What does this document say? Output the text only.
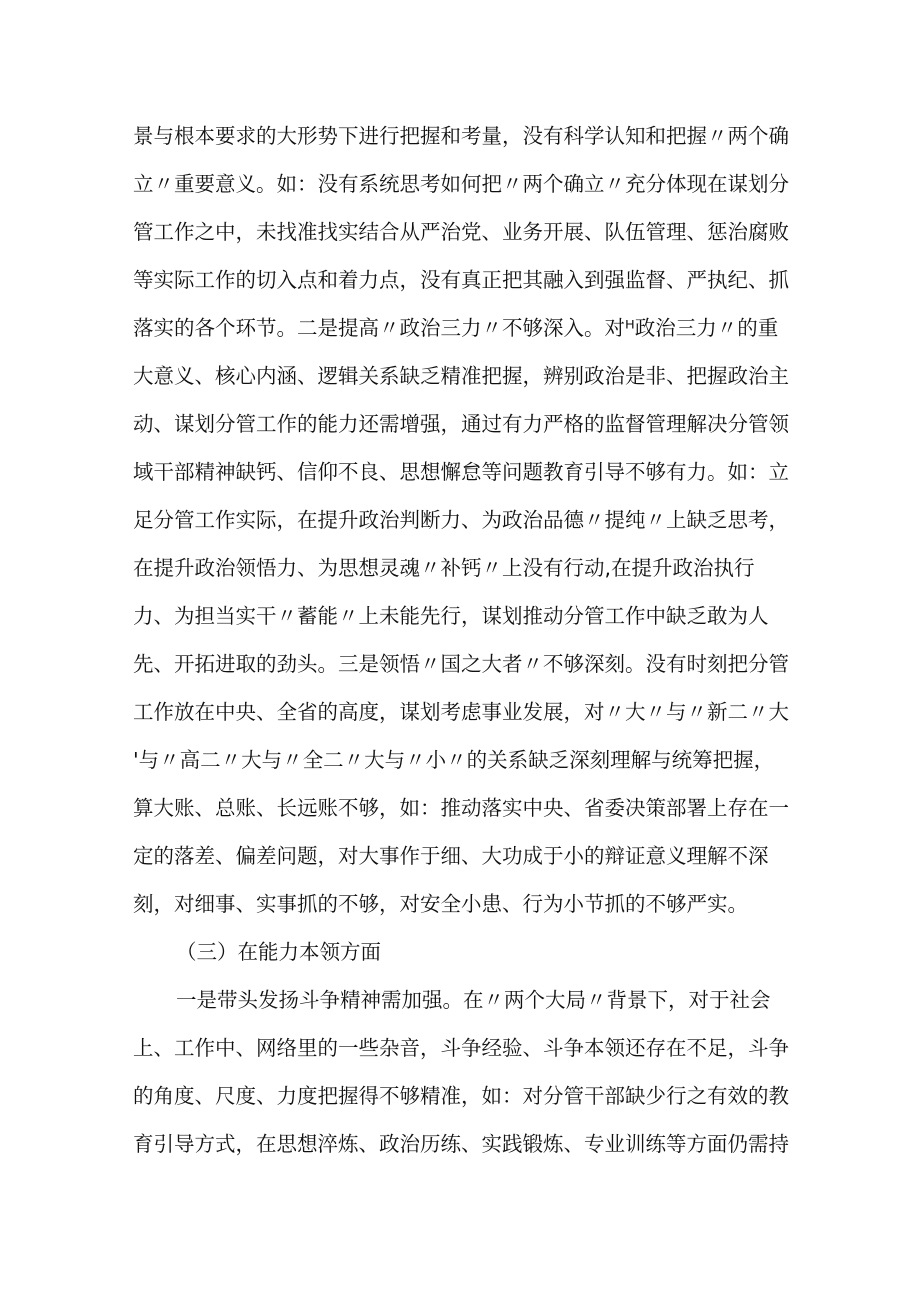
景与根本要求的大形势下进行把握和考量，没有科学认知和把握〃两个确
立〃重要意义。如：没有系统思考如何把〃两个确立〃充分体现在谋划分
管工作之中，未找准找实结合从严治党、业务开展、队伍管理、惩治腐败
等实际工作的切入点和着力点，没有真正把其融入到强监督、严执纪、抓
落实的各个环节。二是提高〃政治三力〃不够深入。对ᴴ政治三力〃的重
大意义、核心内涵、逻辑关系缺乏精准把握，辨别政治是非、把握政治主
动、谋划分管工作的能力还需增强，通过有力严格的监督管理解决分管领
域干部精神缺钙、信仰不良、思想懈怠等问题教育引导不够有力。如：立
足分管工作实际，在提升政治判断力、为政治品德〃提纯〃上缺乏思考，
在提升政治领悟力、为思想灵魂〃补钙〃上没有行动,在提升政治执行
力、为担当实干〃蓄能〃上未能先行，谋划推动分管工作中缺乏敢为人
先、开拓进取的劲头。三是领悟〃国之大者〃不够深刻。没有时刻把分管
工作放在中央、全省的高度，谋划考虑事业发展，对〃大〃与〃新二〃大
'与〃高二〃大与〃全二〃大与〃小〃的关系缺乏深刻理解与统筹把握，
算大账、总账、长远账不够，如：推动落实中央、省委决策部署上存在一
定的落差、偏差问题，对大事作于细、大功成于小的辩证意义理解不深
刻，对细事、实事抓的不够，对安全小患、行为小节抓的不够严实。
（三）在能力本领方面
一是带头发扬斗争精神需加强。在〃两个大局〃背景下，对于社会
上、工作中、网络里的一些杂音，斗争经验、斗争本领还存在不足，斗争
的角度、尺度、力度把握得不够精准，如：对分管干部缺少行之有效的教
育引导方式，在思想淬炼、政治历练、实践锻炼、专业训练等方面仍需持
